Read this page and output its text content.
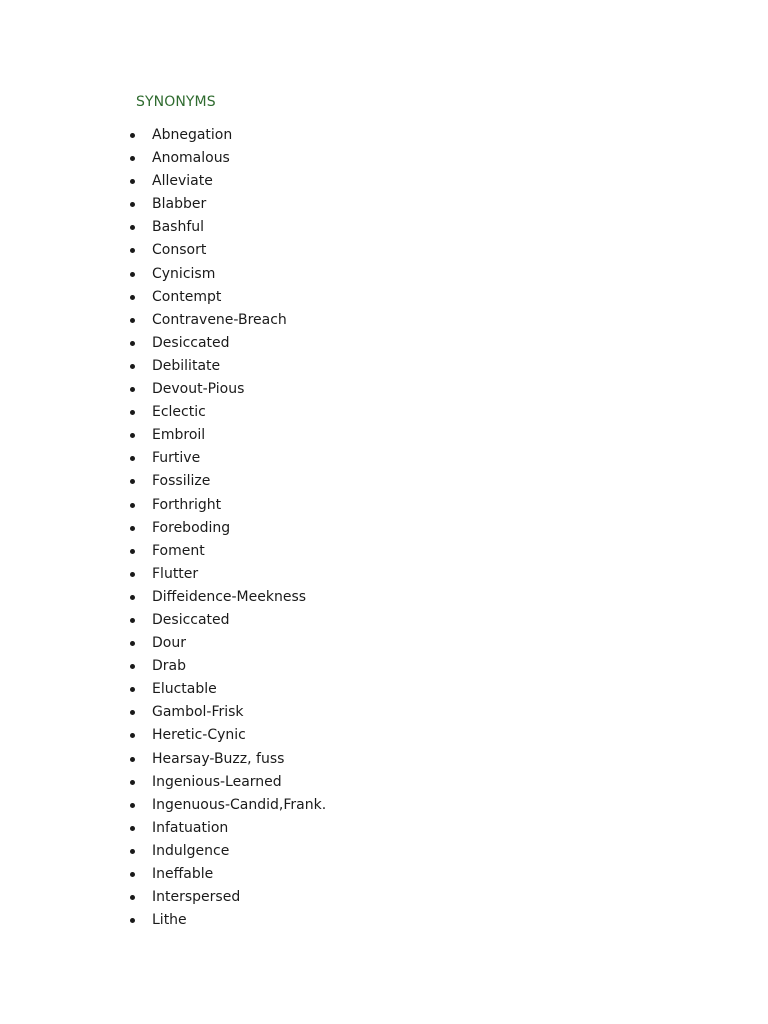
SYNONYMS
Abnegation
Anomalous
Alleviate
Blabber
Bashful
Consort
Cynicism
Contempt
Contravene-Breach
Desiccated
Debilitate
Devout-Pious
Eclectic
Embroil
Furtive
Fossilize
Forthright
Foreboding
Foment
Flutter
Diffeidence-Meekness
Desiccated
Dour
Drab
Eluctable
Gambol-Frisk
Heretic-Cynic
Hearsay-Buzz, fuss
Ingenious-Learned
Ingenuous-Candid,Frank.
Infatuation
Indulgence
Ineffable
Interspersed
Lithe
